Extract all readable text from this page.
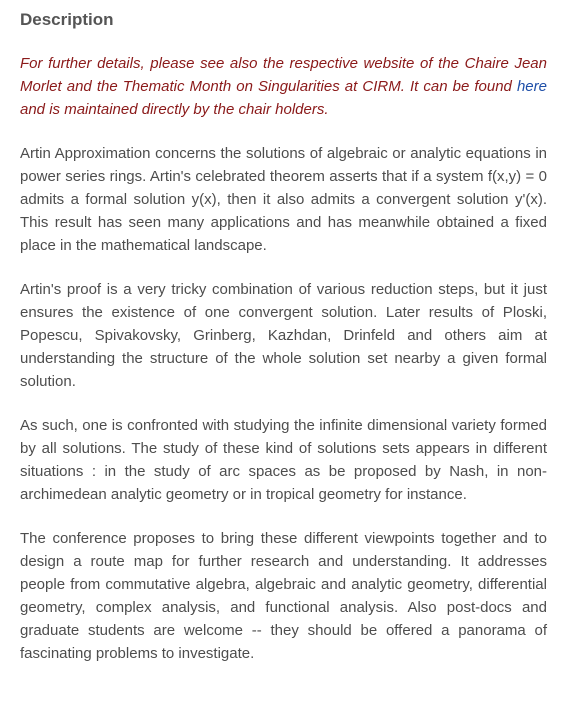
Description

For further details, please see also the respective website of the Chaire Jean Morlet and the Thematic Month on Singularities at CIRM. It can be found here and is maintained directly by the chair holders.

Artin Approximation concerns the solutions of algebraic or analytic equations in power series rings. Artin's celebrated theorem asserts that if a system f(x,y) = 0 admits a formal solution y(x), then it also admits a convergent solution y'(x). This result has seen many applications and has meanwhile obtained a fixed place in the mathematical landscape.

Artin's proof is a very tricky combination of various reduction steps, but it just ensures the existence of one convergent solution. Later results of Ploski, Popescu, Spivakovsky, Grinberg, Kazhdan, Drinfeld and others aim at understanding the structure of the whole solution set nearby a given formal solution.

As such, one is confronted with studying the infinite dimensional variety formed by all solutions. The study of these kind of solutions sets appears in different situations : in the study of arc spaces as be proposed by Nash, in non-archimedean analytic geometry or in tropical geometry for instance.

The conference proposes to bring these different viewpoints together and to design a route map for further research and understanding. It addresses people from commutative algebra, algebraic and analytic geometry, differential geometry, complex analysis, and functional analysis. Also post-docs and graduate students are welcome -- they should be offered a panorama of fascinating problems to investigate.
